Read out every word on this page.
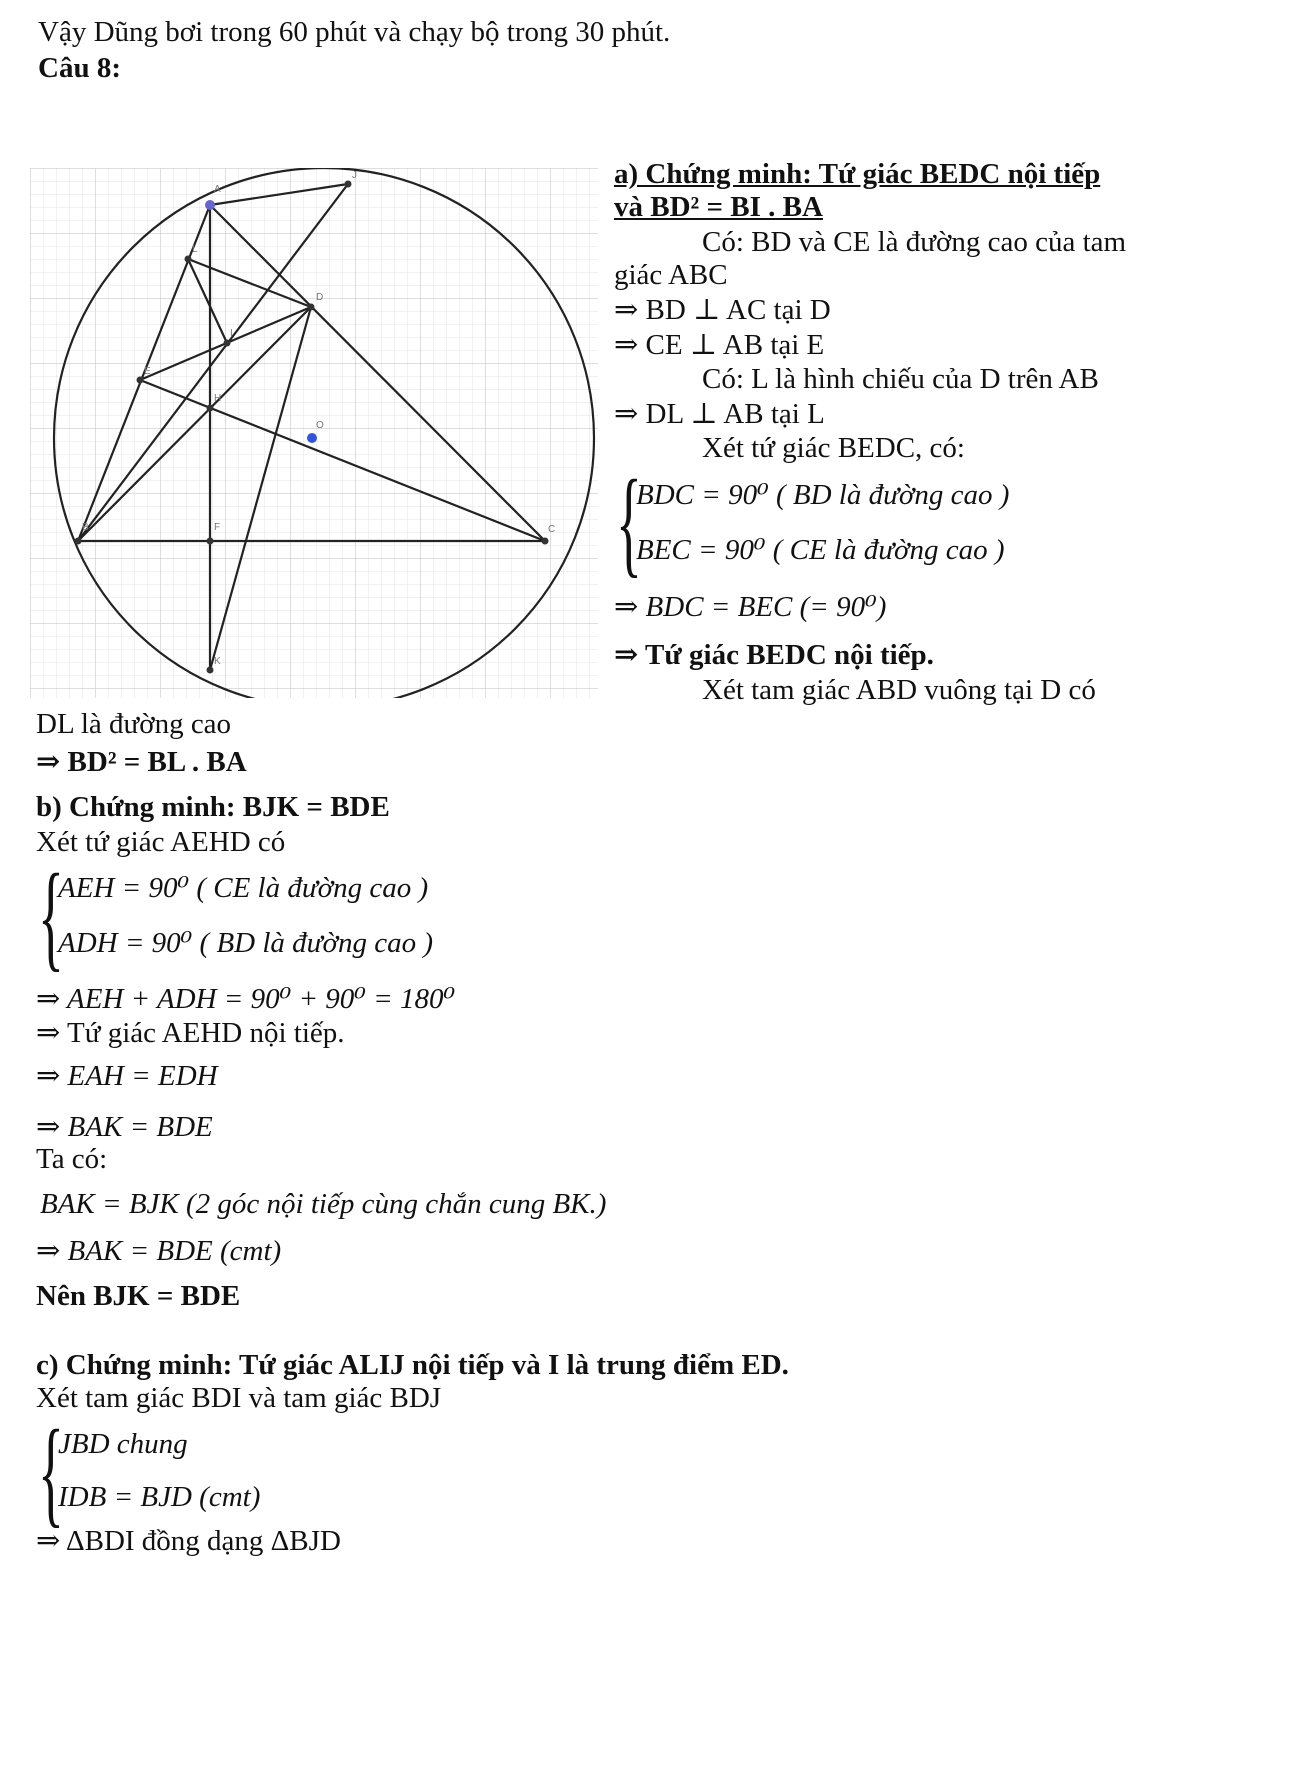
Vậy Dũng bơi trong 60 phút và chạy bộ trong 30 phút.
Câu 8:
A
J
L
D
I
E
H
O
B	F	C
K
a) Chứng minh: Tứ giác BEDC nội tiếp
và BD² = BI . BA
Có: BD và CE là đường cao của tam
giác ABC
⇒ BD ⊥ AC tại D
⇒ CE ⊥ AB tại E
Có: L là hình chiếu của D trên AB
⇒ DL ⊥ AB tại L
Xét tứ giác BEDC, có:
{
BDC = 90⁰ ( BD là đường cao )
BEC = 90⁰ ( CE là đường cao )
⇒ BDC = BEC (= 90⁰)
⇒ Tứ giác BEDC nội tiếp.
Xét tam giác ABD vuông tại D có
DL là đường cao
⇒ BD² = BL . BA
b) Chứng minh: BJK = BDE
Xét tứ giác AEHD có
{
AEH = 90⁰ ( CE là đường cao )
ADH = 90⁰ ( BD là đường cao )
⇒ AEH + ADH = 90⁰ + 90⁰ = 180⁰
⇒ Tứ giác AEHD nội tiếp.
⇒ EAH = EDH
⇒ BAK = BDE
Ta có:
BAK = BJK (2 góc nội tiếp cùng chắn cung BK.)
⇒ BAK = BDE (cmt)
Nên BJK = BDE
c) Chứng minh: Tứ giác ALIJ nội tiếp và I là trung điểm ED.
Xét tam giác BDI và tam giác BDJ
{
JBD chung
IDB = BJD (cmt)
⇒ ΔBDI đồng dạng ΔBJD
